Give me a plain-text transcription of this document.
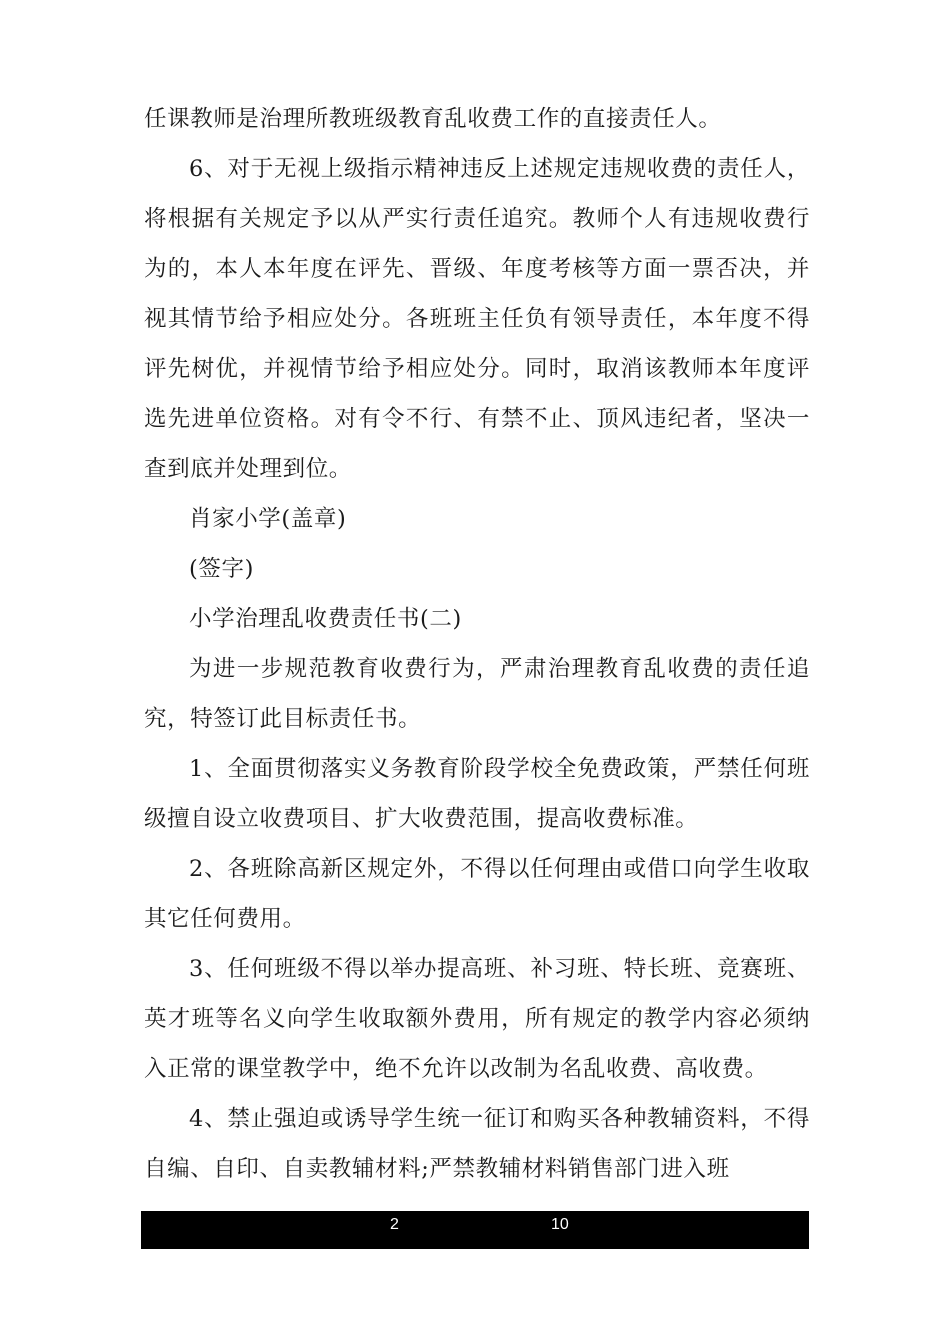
任课教师是治理所教班级教育乱收费工作的直接责任人。

6、对于无视上级指示精神违反上述规定违规收费的责任人，将根据有关规定予以从严实行责任追究。教师个人有违规收费行为的，本人本年度在评先、晋级、年度考核等方面一票否决，并视其情节给予相应处分。各班班主任负有领导责任，本年度不得评先树优，并视情节给予相应处分。同时，取消该教师本年度评选先进单位资格。对有令不行、有禁不止、顶风违纪者，坚决一查到底并处理到位。

肖家小学(盖章)

(签字)

小学治理乱收费责任书(二)

为进一步规范教育收费行为，严肃治理教育乱收费的责任追究，特签订此目标责任书。

1、全面贯彻落实义务教育阶段学校全免费政策，严禁任何班级擅自设立收费项目、扩大收费范围，提高收费标准。

2、各班除高新区规定外，不得以任何理由或借口向学生收取其它任何费用。

3、任何班级不得以举办提高班、补习班、特长班、竞赛班、英才班等名义向学生收取额外费用，所有规定的教学内容必须纳入正常的课堂教学中，绝不允许以改制为名乱收费、高收费。

4、禁止强迫或诱导学生统一征订和购买各种教辅资料，不得自编、自印、自卖教辅材料;严禁教辅材料销售部门进入班

2	10
